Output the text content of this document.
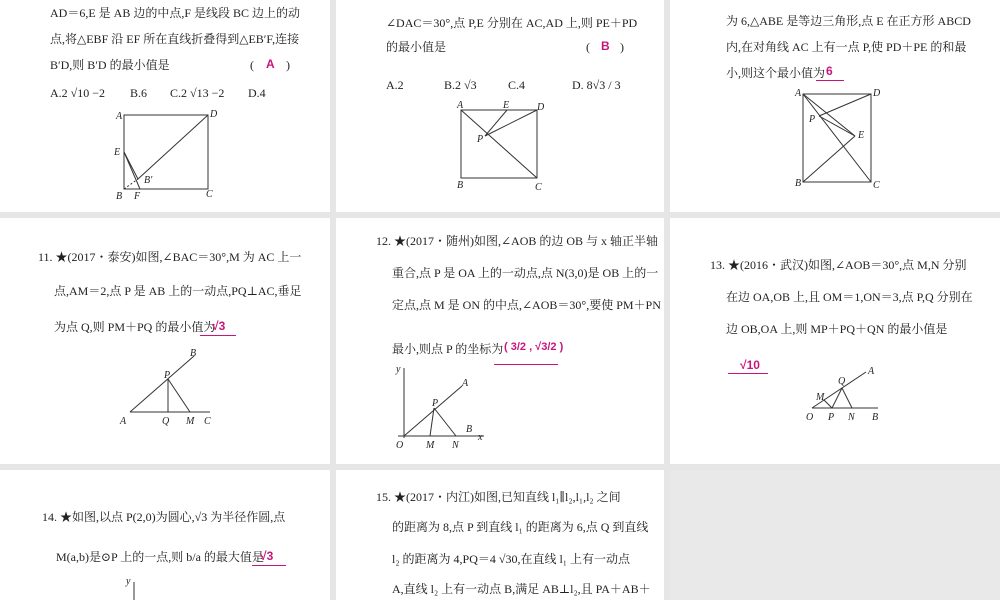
AD＝6,E 是 AB 边的中点,F 是线段 BC 边上的动
点,将△EBF 沿 EF 所在直线折叠得到△EB′F,连接
B′D,则 B′D 的最小值是	( A )
A.2 √10 −2 B.6 C.2 √13 −2 D.4
A	D
E
B′
B F	C
∠DAC＝30°,点 P,E 分别在 AC,AD 上,则 PE＋PD
的最小值是	( B )
A.2	B.2 √3	C.4	D. 8√3 / 3
A	E	D
P
B	C
为 6,△ABE 是等边三角形,点 E 在正方形 ABCD
内,在对角线 AC 上有一点 P,使 PD＋PE 的和最
小,则这个最小值为 6
A	D
P
E
B	C
11. ★(2017・泰安)如图,∠BAC＝30°,M 为 AC 上一
点,AM＝2,点 P 是 AB 上的一动点,PQ⊥AC,垂足
为点 Q,则 PM＋PQ 的最小值为
√3
B
P
A	Q M C
12. ★(2017・随州)如图,∠AOB 的边 OB 与 x 轴正半轴
重合,点 P 是 OA 上的一动点,点 N(3,0)是 OB 上的一
定点,点 M 是 ON 的中点,∠AOB＝30°,要使 PM＋PN
最小,则点 P 的坐标为 ( 3/2 , √3/2 )
y
A
P
B
x
O M N
13. ★(2016・武汉)如图,∠AOB＝30°,点 M,N 分别
在边 OA,OB 上,且 OM＝1,ON＝3,点 P,Q 分别在
边 OB,OA 上,则 MP＋PQ＋QN 的最小值是
√10	A
Q
M
O P N B
14. ★如图,以点 P(2,0)为圆心,√3 为半径作圆,点
M(a,b)是⊙P 上的一点,则 b/a 的最大值是
√3
y
15. ★(2017・内江)如图,已知直线 l₁∥l₂,l₁,l₂ 之间
的距离为 8,点 P 到直线 l₁ 的距离为 6,点 Q 到直线
l₂ 的距离为 4,PQ＝4 √30,在直线 l₁ 上有一动点
A,直线 l₂ 上有一动点 B,满足 AB⊥l₂,且 PA＋AB＋
